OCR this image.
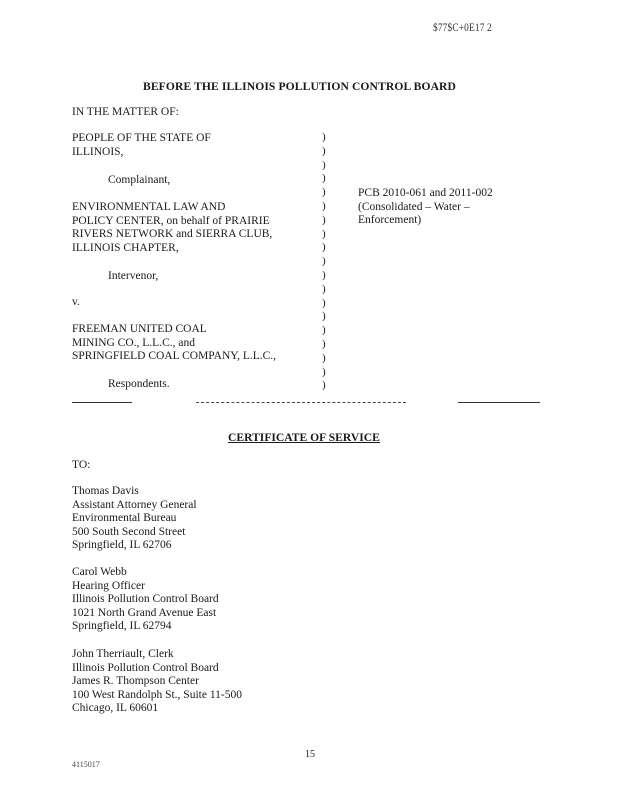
$77$C+0E17 2
BEFORE THE ILLINOIS POLLUTION CONTROL BOARD
IN THE MATTER OF:
PEOPLE OF THE STATE OF
ILLINOIS,
Complainant,
ENVIRONMENTAL LAW AND
POLICY CENTER, on behalf of PRAIRIE
RIVERS NETWORK and SIERRA CLUB,
ILLINOIS CHAPTER,
Intervenor,
v.
FREEMAN UNITED COAL
MINING CO., L.L.C., and
SPRINGFIELD COAL COMPANY, L.L.C.,
Respondents.
)
)
)
)
)
)
)
)
)
)
)
)
)
)
)
)
)
)
)
PCB 2010-061 and 2011-002
(Consolidated – Water –
Enforcement)
CERTIFICATE OF SERVICE
TO:
Thomas Davis
Assistant Attorney General
Environmental Bureau
500 South Second Street
Springfield, IL 62706
Carol Webb
Hearing Officer
Illinois Pollution Control Board
1021 North Grand Avenue East
Springfield, IL 62794
John Therriault, Clerk
Illinois Pollution Control Board
James R. Thompson Center
100 West Randolph St., Suite 11-500
Chicago, IL 60601
15
4115017
